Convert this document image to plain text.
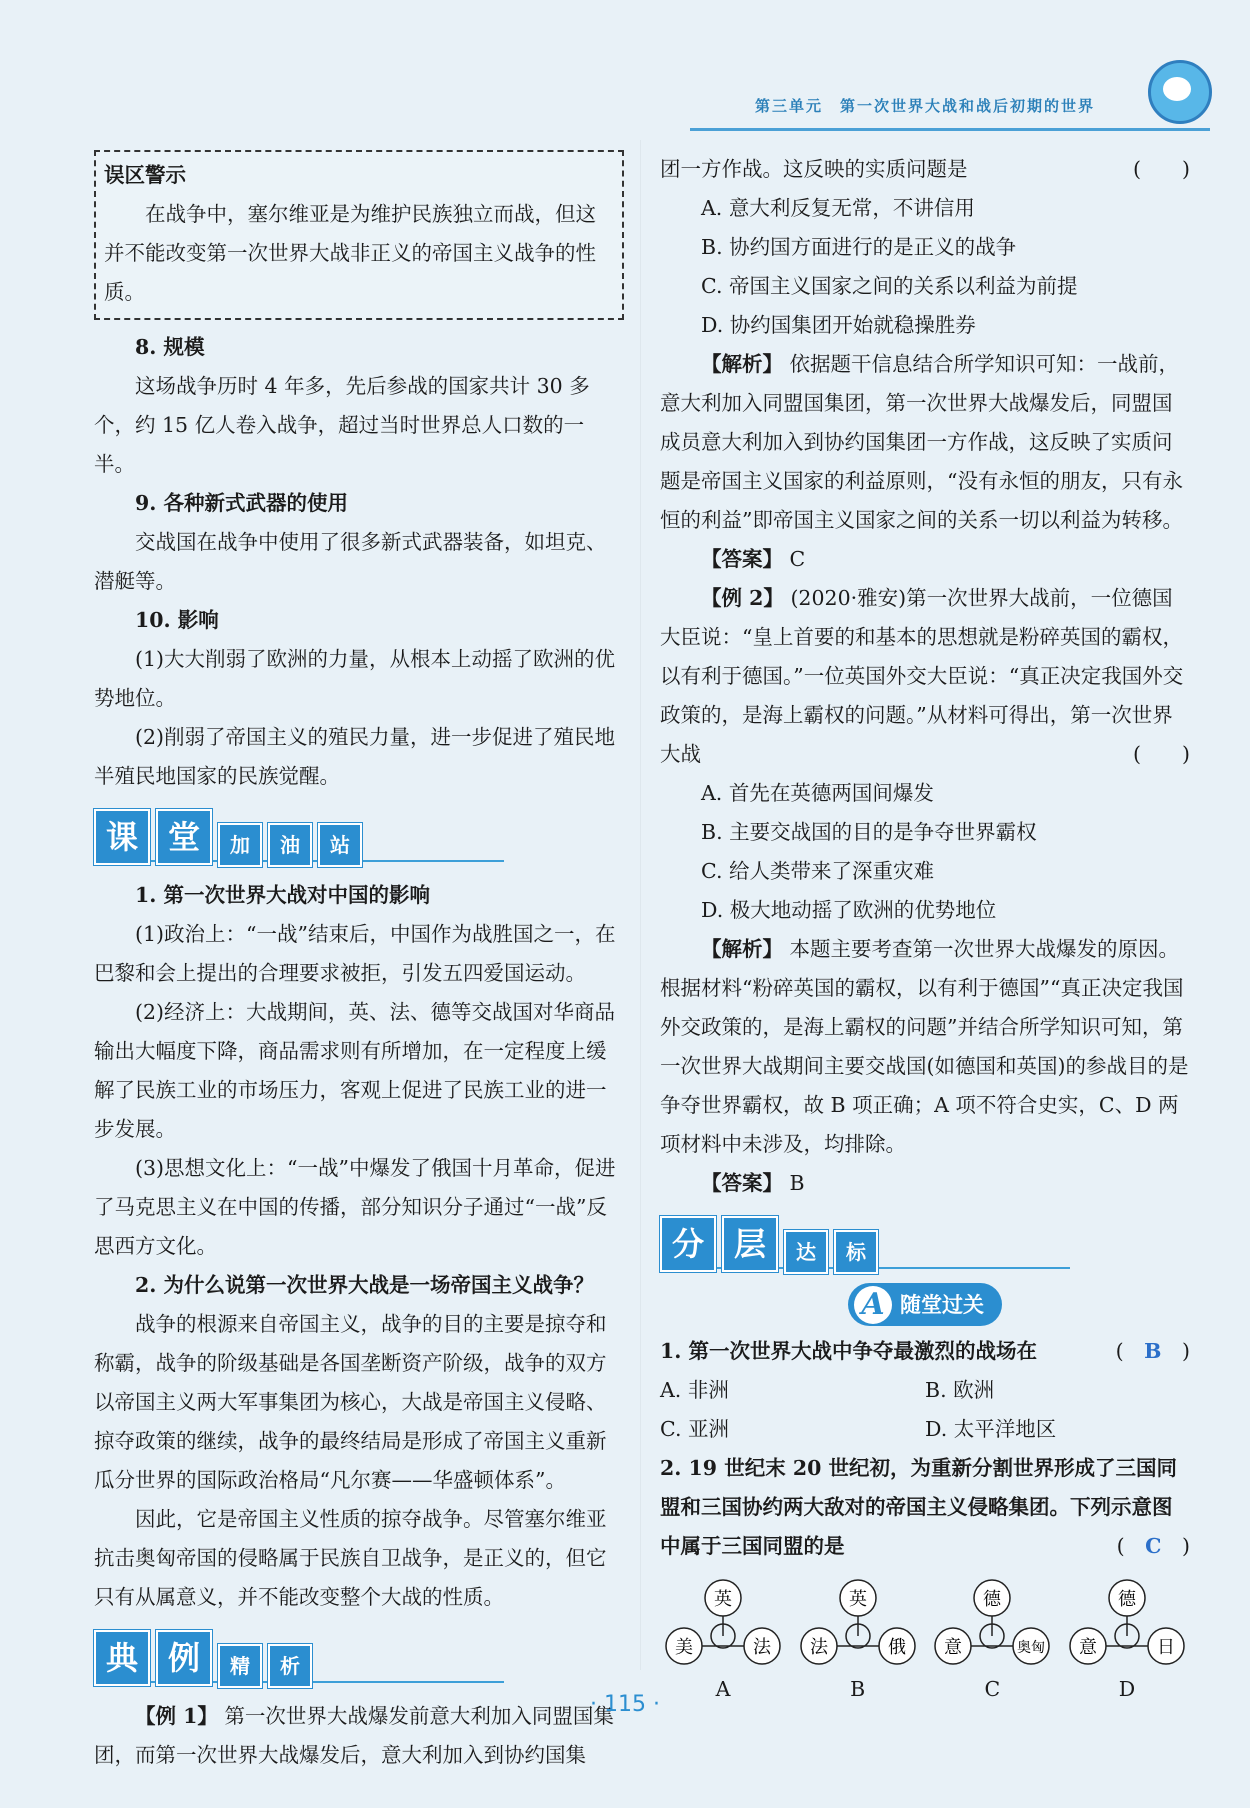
第三单元　第一次世界大战和战后初期的世界

误区警示

在战争中，塞尔维亚是为维护民族独立而战，但这并不能改变第一次世界大战非正义的帝国主义战争的性质。

8. 规模

这场战争历时 4 年多，先后参战的国家共计 30 多个，约 15 亿人卷入战争，超过当时世界总人口数的一半。

9. 各种新式武器的使用

交战国在战争中使用了很多新式武器装备，如坦克、潜艇等。

10. 影响

(1)大大削弱了欧洲的力量，从根本上动摇了欧洲的优势地位。

(2)削弱了帝国主义的殖民力量，进一步促进了殖民地半殖民地国家的民族觉醒。

课 堂	加	油	站

1. 第一次世界大战对中国的影响

(1)政治上：“一战”结束后，中国作为战胜国之一，在巴黎和会上提出的合理要求被拒，引发五四爱国运动。

(2)经济上：大战期间，英、法、德等交战国对华商品输出大幅度下降，商品需求则有所增加，在一定程度上缓解了民族工业的市场压力，客观上促进了民族工业的进一步发展。

(3)思想文化上：“一战”中爆发了俄国十月革命，促进了马克思主义在中国的传播，部分知识分子通过“一战”反思西方文化。

2. 为什么说第一次世界大战是一场帝国主义战争？

战争的根源来自帝国主义，战争的目的主要是掠夺和称霸，战争的阶级基础是各国垄断资产阶级，战争的双方以帝国主义两大军事集团为核心，大战是帝国主义侵略、掠夺政策的继续，战争的最终结局是形成了帝国主义重新瓜分世界的国际政治格局“凡尔赛——华盛顿体系”。

因此，它是帝国主义性质的掠夺战争。尽管塞尔维亚抗击奥匈帝国的侵略属于民族自卫战争，是正义的，但它只有从属意义，并不能改变整个大战的性质。

典 例	精	析

【例 1】 第一次世界大战爆发前意大利加入同盟国集团，而第一次世界大战爆发后，意大利加入到协约国集

团一方作战。这反映的实质问题是	(　　)

A. 意大利反复无常，不讲信用

B. 协约国方面进行的是正义的战争

C. 帝国主义国家之间的关系以利益为前提

D. 协约国集团开始就稳操胜券

【解析】 依据题干信息结合所学知识可知：一战前，意大利加入同盟国集团，第一次世界大战爆发后，同盟国成员意大利加入到协约国集团一方作战，这反映了实质问题是帝国主义国家的利益原则，“没有永恒的朋友，只有永恒的利益”即帝国主义国家之间的关系一切以利益为转移。

【答案】 C

【例 2】 (2020·雅安)第一次世界大战前，一位德国大臣说：“皇上首要的和基本的思想就是粉碎英国的霸权，以有利于德国。”一位英国外交大臣说：“真正决定我国外交政策的，是海上霸权的问题。”从材料可得出，第一次世界大战	(　　)

A. 首先在英德两国间爆发

B. 主要交战国的目的是争夺世界霸权

C. 给人类带来了深重灾难

D. 极大地动摇了欧洲的优势地位

【解析】 本题主要考查第一次世界大战爆发的原因。根据材料“粉碎英国的霸权，以有利于德国”“真正决定我国外交政策的，是海上霸权的问题”并结合所学知识可知，第一次世界大战期间主要交战国(如德国和英国)的参战目的是争夺世界霸权，故 B 项正确；A 项不符合史实，C、D 两项材料中未涉及，均排除。

【答案】 B

分 层	达	标
A 随堂过关

1. 第一次世界大战中争夺最激烈的战场在	(　B　)

A. 非洲	B. 欧洲
C. 亚洲	D. 太平洋地区

2. 19 世纪末 20 世纪初，为重新分割世界形成了三国同盟和三国协约两大敌对的帝国主义侵略集团。下列示意图中属于三国同盟的是	(　C　)

英
美	法
A
英
法	俄
B
德
意	奥匈
C
德
意	日
D
· 115 ·
